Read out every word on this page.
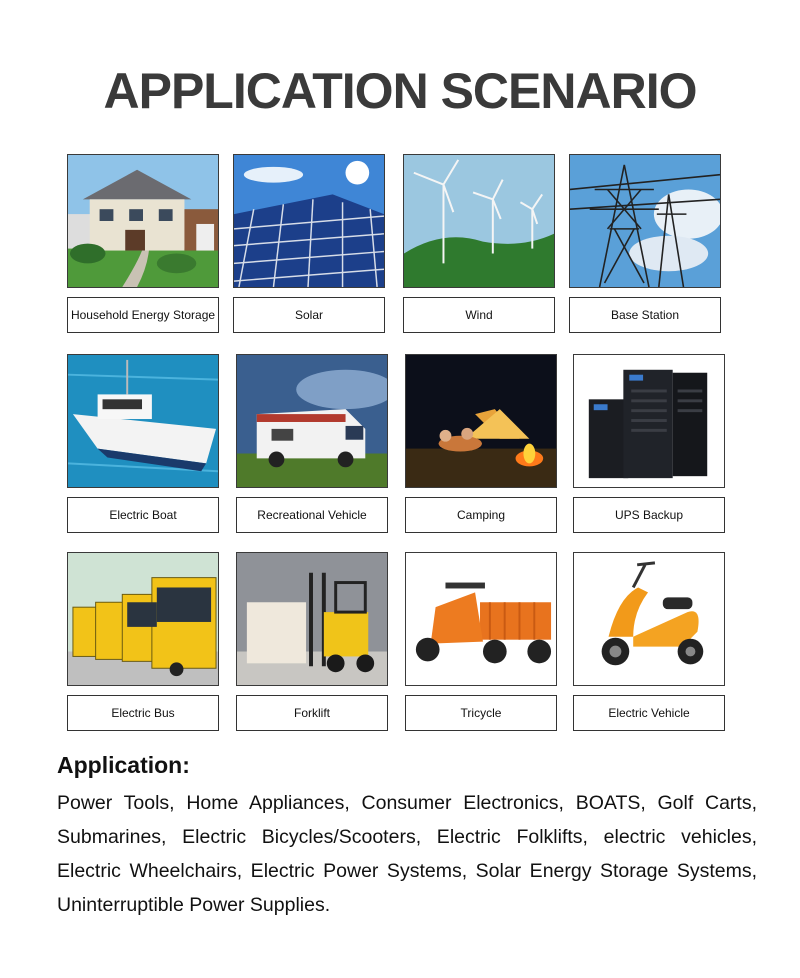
APPLICATION SCENARIO
Household Energy Storage	Solar	Wind	Base Station
Electric Boat	Recreational Vehicle	Camping	UPS Backup
Electric Bus	Forklift	Tricycle	Electric Vehicle
Application:
Power Tools, Home Appliances, Consumer Electronics, BOATS, Golf Carts, Submarines, Electric Bicycles/Scooters, Electric Folklifts, electric vehicles, Electric Wheelchairs, Electric Power Systems, Solar Energy Storage Systems, Uninterruptible Power Supplies.
